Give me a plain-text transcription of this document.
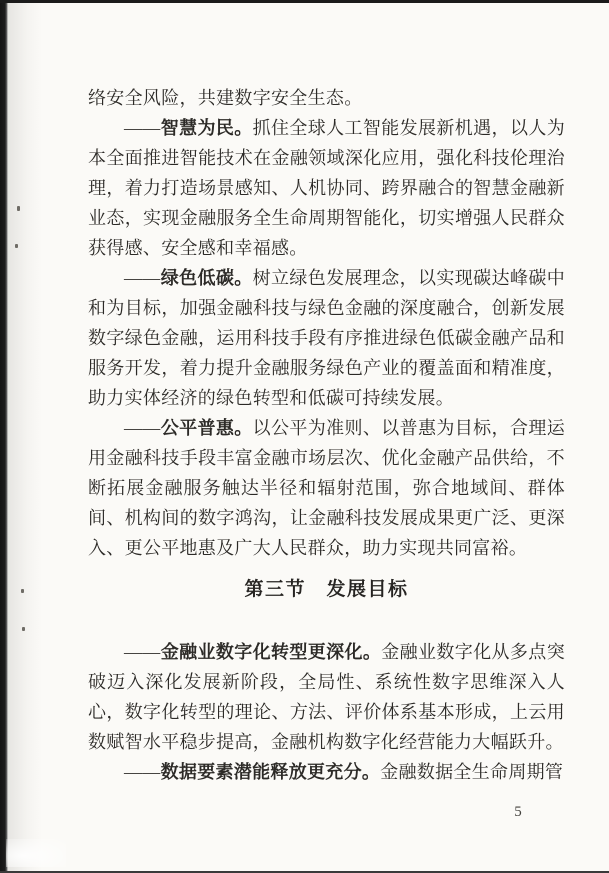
络安全风险，共建数字安全生态。

——智慧为民。抓住全球人工智能发展新机遇，以人为本全面推进智能技术在金融领域深化应用，强化科技伦理治理，着力打造场景感知、人机协同、跨界融合的智慧金融新业态，实现金融服务全生命周期智能化，切实增强人民群众获得感、安全感和幸福感。

——绿色低碳。树立绿色发展理念，以实现碳达峰碳中和为目标，加强金融科技与绿色金融的深度融合，创新发展数字绿色金融，运用科技手段有序推进绿色低碳金融产品和服务开发，着力提升金融服务绿色产业的覆盖面和精准度，助力实体经济的绿色转型和低碳可持续发展。

——公平普惠。以公平为准则、以普惠为目标，合理运用金融科技手段丰富金融市场层次、优化金融产品供给，不断拓展金融服务触达半径和辐射范围，弥合地域间、群体间、机构间的数字鸿沟，让金融科技发展成果更广泛、更深入、更公平地惠及广大人民群众，助力实现共同富裕。

第三节　发展目标

——金融业数字化转型更深化。金融业数字化从多点突破迈入深化发展新阶段，全局性、系统性数字思维深入人心，数字化转型的理论、方法、评价体系基本形成，上云用数赋智水平稳步提高，金融机构数字化经营能力大幅跃升。

——数据要素潜能释放更充分。金融数据全生命周期管

5
